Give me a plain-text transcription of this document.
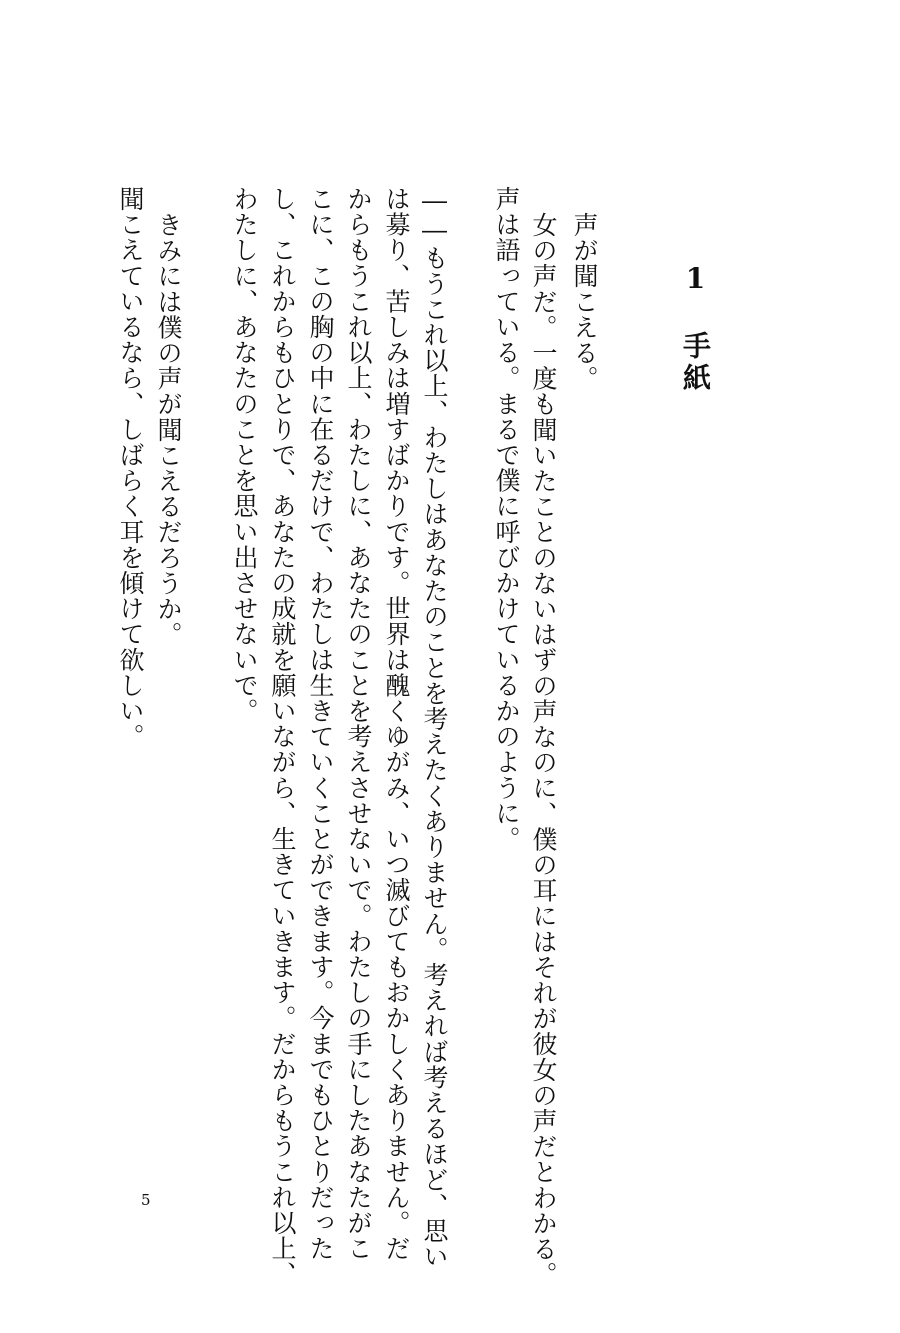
1　手紙

声が聞こえる。

女の声だ。一度も聞いたことのないはずの声なのに、僕の耳にはそれが彼女の声だとわかる。

声は語っている。まるで僕に呼びかけているかのように。

――もうこれ以上、わたしはあなたのことを考えたくありません。考えれば考えるほど、思い

は募り、苦しみは増すばかりです。世界は醜くゆがみ、いつ滅びてもおかしくありません。だ

からもうこれ以上、わたしに、あなたのことを考えさせないで。わたしの手にしたあなたがこ

こに、この胸の中に在るだけで、わたしは生きていくことができます。今までもひとりだった

し、これからもひとりで、あなたの成就を願いながら、生きていきます。だからもうこれ以上、

わたしに、あなたのことを思い出させないで。

きみには僕の声が聞こえるだろうか。

聞こえているなら、しばらく耳を傾けて欲しい。

5
